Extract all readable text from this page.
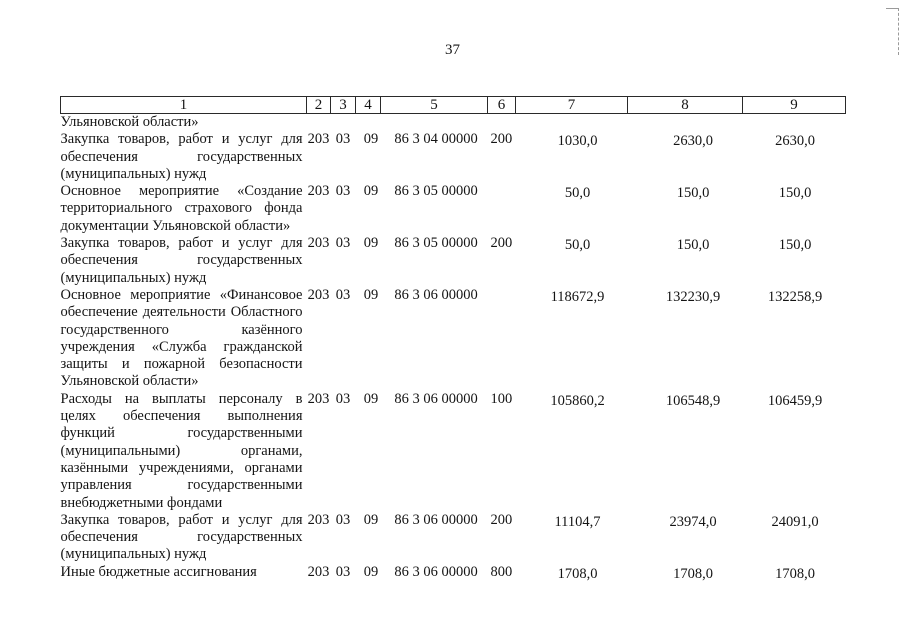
37
1	2	3	4	5	6	7	8	9
Ульяновской области»								
Закупка товаров, работ и услуг для обеспечения государственных (муниципальных) нужд	203	03	09	86 3 04 00000	200	1030,0	2630,0	2630,0
Основное мероприятие «Создание территориального страхового фонда документации Ульяновской области»	203	03	09	86 3 05 00000		50,0	150,0	150,0
Закупка товаров, работ и услуг для обеспечения государственных (муниципальных) нужд	203	03	09	86 3 05 00000	200	50,0	150,0	150,0
Основное мероприятие «Финансовое обеспечение деятельности Областного государственного казённого учреждения «Служба гражданской защиты и пожарной безопасности Ульяновской области»	203	03	09	86 3 06 00000		118672,9	132230,9	132258,9
Расходы на выплаты персоналу в целях обеспечения выполнения функций государственными (муниципальными) органами, казёнными учреждениями, органами управления государственными внебюджетными фондами	203	03	09	86 3 06 00000	100	105860,2	106548,9	106459,9
Закупка товаров, работ и услуг для обеспечения государственных (муниципальных) нужд	203	03	09	86 3 06 00000	200	11104,7	23974,0	24091,0
Иные бюджетные ассигнования	203	03	09	86 3 06 00000	800	1708,0	1708,0	1708,0
